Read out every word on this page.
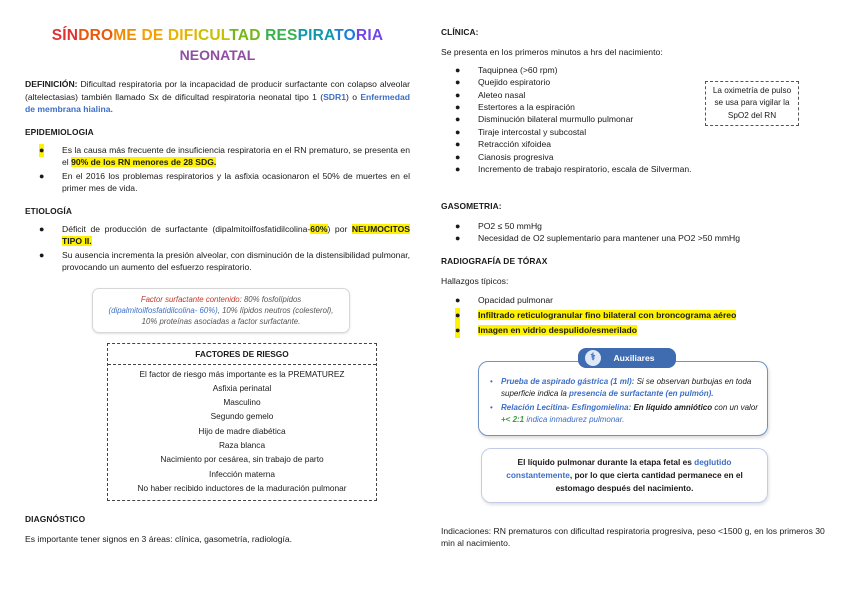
SÍNDROME DE DIFICULTAD RESPIRATORIA
NEONATAL

DEFINICIÓN: Dificultad respiratoria por la incapacidad de producir surfactante con colapso alveolar (altelectasias) también llamado Sx de dificultad respiratoria neonatal tipo 1 (SDR1) o Enfermedad de membrana hialina.

EPIDEMIOLOGIA
● Es la causa más frecuente de insuficiencia respiratoria en el RN prematuro, se presenta en el 90% de los RN menores de 28 SDG.
● En el 2016 los problemas respiratorios y la asfixia ocasionaron el 50% de muertes en el primer mes de vida.
ETIOLOGÍA
● Déficit de producción de surfactante (dipalmitoilfosfatidilcolina-60%) por NEUMOCITOS TIPO II.
● Su ausencia incrementa la presión alveolar, con disminución de la distensibilidad pulmonar, provocando un aumento del esfuerzo respiratorio.
Factor surfactante contenido: 80% fosfolípidos
(dipalmitoilfosfatidilcolina- 60%), 10% lípidos neutros (colesterol),
10% proteínas asociadas a factor surfactante.
FACTORES DE RIESGO
El factor de riesgo más importante es la PREMATUREZ
Asfixia perinatal
Masculino
Segundo gemelo
Hijo de madre diabética
Raza blanca
Nacimiento por cesárea, sin trabajo de parto
Infección materna
No haber recibido inductores de la maduración pulmonar
DIAGNÓSTICO

Es importante tener signos en 3 áreas: clínica, gasometría, radiología.

CLÍNICA:

Se presenta en los primeros minutos a hrs del nacimiento:

● Taquipnea (>60 rpm)
● Quejido espiratorio
● Aleteo nasal
● Estertores a la espiración
● Disminución bilateral murmullo pulmonar
● Tiraje intercostal y subcostal
● Retracción xifoidea
● Cianosis progresiva
● Incremento de trabajo respiratorio, escala de Silverman.
La oximetría de pulso se usa para vigilar la SpO2 del RN
GASOMETRIA:
● PO2 ≤ 50 mmHg
● Necesidad de O2 suplementario para mantener una PO2 >50 mmHg
RADIOGRAFÍA DE TÓRAX

Hallazgos típicos:

● Opacidad pulmonar
● Infiltrado reticulogranular fino bilateral con broncograma aéreo
● Imagen en vidrio despulido/esmerilado
⚕	Auxiliares
• Prueba de aspirado gástrica (1 ml): Si se observan burbujas en toda superficie indica la presencia de surfactante (en pulmón).
• Relación Lecitina- Esfingomielina: En líquido amniótico con un valor +< 2:1 indica inmadurez pulmonar.
El líquido pulmonar durante la etapa fetal es deglutido constantemente, por lo que cierta cantidad permanece en el estomago después del nacimiento.

Indicaciones: RN prematuros con dificultad respiratoria progresiva, peso <1500 g, en los primeros 30 min al nacimiento.
